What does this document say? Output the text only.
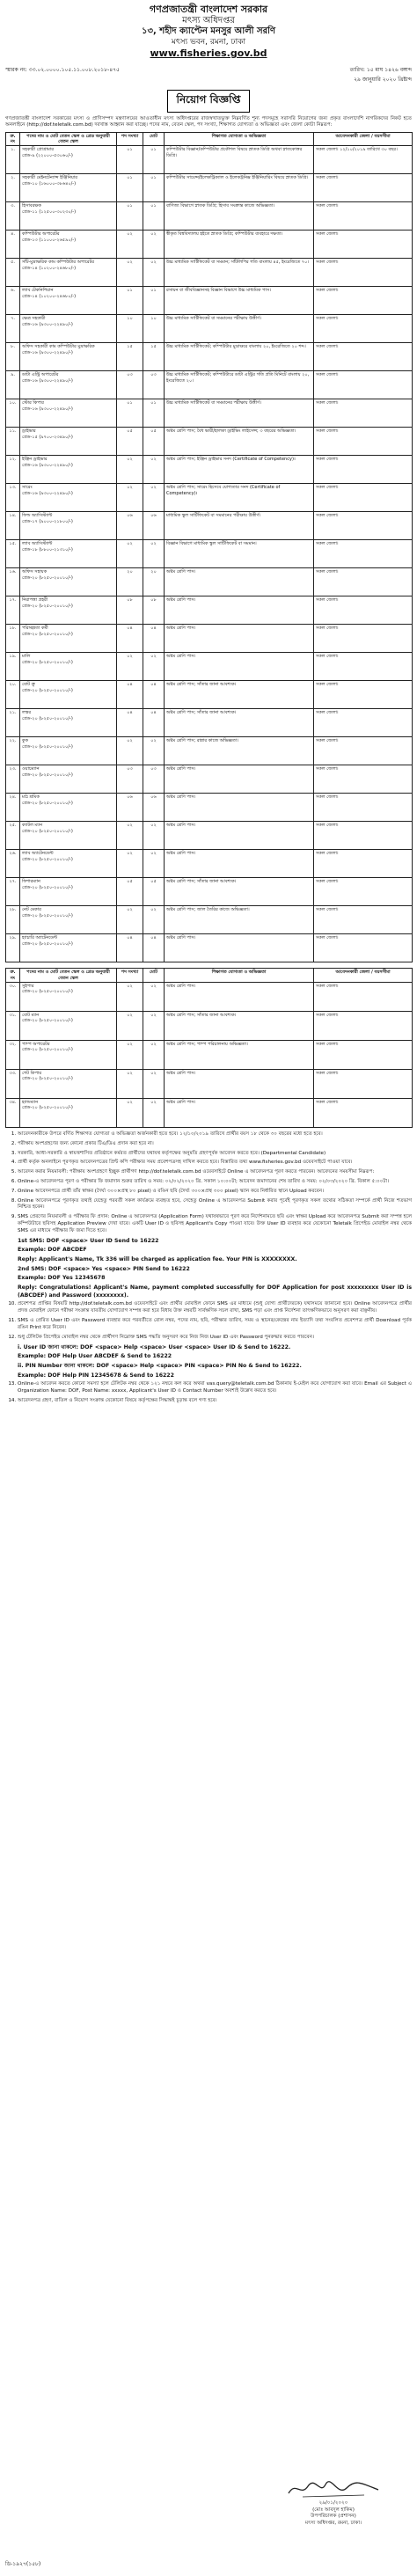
গণপ্রজাতন্ত্রী বাংলাদেশ সরকার
মৎস্য অধিদপ্তর
১৩, শহীদ ক্যাপ্টেন মনসুর আলী সরণি
মৎস্য ভবন, রমনা, ঢাকা
www.fisheries.gov.bd
স্মারক নং: ৩৩.০২.০০০০.১০৫.১১.০০৮.২০১৮-৪৭৫	তারিখ: ১৫ মাঘ ১৪২৬ বঙ্গাব্দ
২৯ জানুয়ারি ২০২০ খ্রিষ্টাব্দ
নিয়োগ বিজ্ঞপ্তি
গণপ্রজাতন্ত্রী বাংলাদেশ সরকারের মৎস্য ও প্রাণিসম্পদ মন্ত্রণালয়ের আওতাধীন মৎস্য অধিদপ্তরের রাজস্বখাতভুক্ত নিম্নবর্ণিত শূন্য পদসমূহে সরাসরি নিয়োগের জন্য প্রকৃত বাংলাদেশি নাগরিকদের নিকট হতে অনলাইনে (http://dof.teletalk.com.bd) দরখাস্ত আহ্বান করা যাচ্ছে। পদের নাম, বেতন স্কেল, পদ সংখ্যা, শিক্ষাগত যোগ্যতা ও অভিজ্ঞতা এবং জেলা কোটা নিম্নরূপ:
ক্র. নং	পদের নাম ও মোট বেতন স্কেল ও গ্রেড অনুযায়ী বেতন স্কেল	পদ সংখ্যা	মোট	শিক্ষাগত যোগ্যতা ও অভিজ্ঞতা	আবেদনকারী জেলা / বয়সসীমা
১.	সহকারী প্রোগ্রামার
গ্রেড-৯ (২২০০০-৫৩০৬০/-)	০১	০১	কম্পিউটার বিজ্ঞান/কম্পিউটার প্রকৌশল বিষয়ে স্নাতক ডিগ্রি অথবা স্নাতকোত্তর ডিগ্রি।	সকল জেলা। ১২/১০/২০১৯ তারিখে ৩০ বছর।
২.	সহকারী মেইনটেন্যান্স ইঞ্জিনিয়ার
গ্রেড-১০ (১৬০০০-৩৮৬৪০/-)	০১	০১	কম্পিউটার সায়েন্স/ইলেকট্রিক্যাল ও ইলেকট্রনিক্স ইঞ্জিনিয়ারিং বিষয়ে স্নাতক ডিগ্রি।	সকল জেলা।
৩.	হিসাবরক্ষক
গ্রেড-১১ (১২৫০০-৩০২৩০/-)	০১	০১	বাণিজ্য বিভাগে স্নাতক ডিগ্রি; হিসাব সংক্রান্ত কাজে অভিজ্ঞতা।	সকল জেলা।
৪.	কম্পিউটার অপারেটর
গ্রেড-১৩ (১১০০০-২৬৫৯০/-)	০২	০২	স্বীকৃত বিশ্ববিদ্যালয় হইতে স্নাতক ডিগ্রি; কম্পিউটার ব্যবহারে দক্ষতা।	সকল জেলা।
৫.	সাঁট-মুদ্রাক্ষরিক কাম কম্পিউটার অপারেটর
গ্রেড-১৪ (১০২০০-২৪৬৮০/-)	০২	০২	উচ্চ মাধ্যমিক সার্টিফিকেট বা সমমান; সাঁটলিপির গতি বাংলায় ৪৫, ইংরেজিতে ৭০।	সকল জেলা।
৬.	ল্যাব টেকনিশিয়ান
গ্রেড-১৪ (১০২০০-২৪৬৮০/-)	০১	০১	রসায়ন বা জীববিজ্ঞানসহ বিজ্ঞান বিভাগে উচ্চ মাধ্যমিক পাস।	সকল জেলা।
৭.	ক্ষেত্র সহকারী
গ্রেড-১৬ (৯৩০০-২২৪৯০/-)	১০	১০	উচ্চ মাধ্যমিক সার্টিফিকেট বা সমমানের পরীক্ষায় উত্তীর্ণ।	সকল জেলা।
৮.	অফিস সহকারী কাম কম্পিউটার মুদ্রাক্ষরিক
গ্রেড-১৬ (৯৩০০-২২৪৯০/-)	১৫	১৫	উচ্চ মাধ্যমিক সার্টিফিকেট; কম্পিউটার মুদ্রাক্ষরে বাংলায় ২০, ইংরেজিতে ২০ শব্দ।	সকল জেলা।
৯.	ডাটা এন্ট্রি অপারেটর
গ্রেড-১৬ (৯৩০০-২২৪৯০/-)	০৩	০৩	উচ্চ মাধ্যমিক সার্টিফিকেট; কম্পিউটারে ডাটা এন্ট্রির গতি প্রতি মিনিটে বাংলায় ২০, ইংরেজিতে ২০।	সকল জেলা।
১০.	স্টোর কিপার
গ্রেড-১৬ (৯৩০০-২২৪৯০/-)	০১	০১	উচ্চ মাধ্যমিক সার্টিফিকেট বা সমমানের পরীক্ষায় উত্তীর্ণ।	সকল জেলা।
১১.	ড্রাইভার
গ্রেড-১৫ (৯৭০০-২৩৪৯০/-)	০৫	০৫	অষ্টম শ্রেণি পাস; বৈধ ভারী/হালকা ড্রাইভিং লাইসেন্স; ৩ বছরের অভিজ্ঞতা।	সকল জেলা।
১২.	ইঞ্জিন ড্রাইভার
গ্রেড-১৬ (৯৩০০-২২৪৯০/-)	০২	০২	অষ্টম শ্রেণি পাস; ইঞ্জিন ড্রাইভার সনদ (Certificate of Competency)।	সকল জেলা।
১৩.	সারেং
গ্রেড-১৬ (৯৩০০-২২৪৯০/-)	০২	০২	অষ্টম শ্রেণি পাস; সারেং হিসেবে যোগ্যতার সনদ (Certificate of Competency)।	সকল জেলা।
১৪.	ফিল্ড অ্যাসিস্ট্যান্ট
গ্রেড-১৭ (৯০০০-২১৮০০/-)	০৬	০৬	মাধ্যমিক স্কুল সার্টিফিকেট বা সমমানের পরীক্ষায় উত্তীর্ণ।	সকল জেলা।
১৫.	ল্যাব অ্যাসিস্ট্যান্ট
গ্রেড-১৮ (৮৮০০-২১৩১০/-)	০২	০২	বিজ্ঞান বিভাগে মাধ্যমিক স্কুল সার্টিফিকেট বা সমমান।	সকল জেলা।
১৬.	অফিস সহায়ক
গ্রেড-২০ (৮২৫০-২০০১০/-)	২০	২০	অষ্টম শ্রেণি পাস।	সকল জেলা।
১৭.	নিরাপত্তা প্রহরী
গ্রেড-২০ (৮২৫০-২০০১০/-)	০৮	০৮	অষ্টম শ্রেণি পাস।	সকল জেলা।
১৮.	পরিচ্ছন্নতা কর্মী
গ্রেড-২০ (৮২৫০-২০০১০/-)	০৪	০৪	অষ্টম শ্রেণি পাস।	সকল জেলা।
১৯.	মালি
গ্রেড-২০ (৮২৫০-২০০১০/-)	০২	০২	অষ্টম শ্রেণি পাস।	সকল জেলা।
২০.	বোট ক্রু
গ্রেড-২০ (৮২৫০-২০০১০/-)	০৪	০৪	অষ্টম শ্রেণি পাস; সাঁতার জানা আবশ্যক।	সকল জেলা।
২১.	লস্কর
গ্রেড-২০ (৮২৫০-২০০১০/-)	০৪	০৪	অষ্টম শ্রেণি পাস; সাঁতার জানা আবশ্যক।	সকল জেলা।
২২.	কুক
গ্রেড-২০ (৮২৫০-২০০১০/-)	০২	০২	অষ্টম শ্রেণি পাস; রান্নার কাজে অভিজ্ঞতা।	সকল জেলা।
২৩.	ওয়াচম্যান
গ্রেড-২০ (৮২৫০-২০০১০/-)	০৩	০৩	অষ্টম শ্রেণি পাস।	সকল জেলা।
২৪.	মাঠ শ্রমিক
গ্রেড-২০ (৮২৫০-২০০১০/-)	০৬	০৬	অষ্টম শ্রেণি পাস।	সকল জেলা।
২৫.	ক্যাটল ম্যান
গ্রেড-২০ (৮২৫০-২০০১০/-)	০২	০২	অষ্টম শ্রেণি পাস।	সকল জেলা।
২৬.	ল্যাব অ্যাটেনডেন্ট
গ্রেড-২০ (৮২৫০-২০০১০/-)	০২	০২	অষ্টম শ্রেণি পাস।	সকল জেলা।
২৭.	ফিশারম্যান
গ্রেড-২০ (৮২৫০-২০০১০/-)	০৫	০৫	অষ্টম শ্রেণি পাস; সাঁতার জানা আবশ্যক।	সকল জেলা।
২৮.	নেট মেকার
গ্রেড-২০ (৮২৫০-২০০১০/-)	০২	০২	অষ্টম শ্রেণি পাস; জাল তৈরির কাজে অভিজ্ঞতা।	সকল জেলা।
২৯.	হ্যাচারি অ্যাটেনডেন্ট
গ্রেড-২০ (৮২৫০-২০০১০/-)	০৪	০৪	অষ্টম শ্রেণি পাস।	সকল জেলা।
ক্র. নং	পদের নাম ও মোট বেতন স্কেল ও গ্রেড অনুযায়ী বেতন স্কেল	পদ সংখ্যা	মোট	শিক্ষাগত যোগ্যতা ও অভিজ্ঞতা	আবেদনকারী জেলা / বয়সসীমা
৩০.	সুইপার
গ্রেড-২০ (৮২৫০-২০০১০/-)	০২	০২	অষ্টম শ্রেণি পাস।	সকল জেলা।
৩১.	বোট ম্যান
গ্রেড-২০ (৮২৫০-২০০১০/-)	০২	০২	অষ্টম শ্রেণি পাস; সাঁতার জানা আবশ্যক।	সকল জেলা।
৩২.	পাম্প অপারেটর
গ্রেড-২০ (৮২৫০-২০০১০/-)	০২	০২	অষ্টম শ্রেণি পাস; পাম্প পরিচালনায় অভিজ্ঞতা।	সকল জেলা।
৩৩.	গেট কিপার
গ্রেড-২০ (৮২৫০-২০০১০/-)	০২	০২	অষ্টম শ্রেণি পাস।	সকল জেলা।
৩৪.	হ্যান্ডম্যান
গ্রেড-২০ (৮২৫০-২০০১০/-)	০২	০২	অষ্টম শ্রেণি পাস।	সকল জেলা।
1. আবেদনকারীকে উপরে বর্ণিত শিক্ষাগত যোগ্যতা ও অভিজ্ঞতা অর্জনকারী হতে হবে। ১২/১০/২০১৯ তারিখে প্রার্থীর বয়স ১৮ থেকে ৩০ বছরের মধ্যে হতে হবে।
2. পরীক্ষায় অংশগ্রহণের জন্য কোনো প্রকার টিএ/ডিএ প্রদান করা হবে না।
3. সরকারি, আধা-সরকারি ও স্বায়ত্তশাসিত প্রতিষ্ঠানে কর্মরত প্রার্থীদের যথাযথ কর্তৃপক্ষের অনুমতি গ্রহণপূর্বক আবেদন করতে হবে। (Departmental Candidate)
4. প্রার্থী কর্তৃক অনলাইনে পূরণকৃত আবেদনপত্রের প্রিন্ট কপি পরীক্ষার সময় প্রবেশপত্রসহ দাখিল করতে হবে। বিস্তারিত তথ্য www.fisheries.gov.bd ওয়েবসাইটে পাওয়া যাবে।
5. আবেদন করার নিয়মাবলী: পরীক্ষায় অংশগ্রহণে ইচ্ছুক প্রার্থীগণ http://dof.teletalk.com.bd ওয়েবসাইটে Online এ আবেদনপত্র পূরণ করতে পারবেন। আবেদনের সময়সীমা নিম্নরূপ:
6. Online-এ আবেদনপত্র পূরণ ও পরীক্ষার ফি জমাদান শুরুর তারিখ ও সময়: ০২/০২/২০২০ খ্রি. সকাল ১০:০০টা; আবেদন জমাদানের শেষ তারিখ ও সময়: ০২/০৩/২০২০ খ্রি. বিকাল ৫:০০টা।
7. Online আবেদনপত্রে প্রার্থী তাঁর স্বাক্ষর (দৈর্ঘ্য ৩০০×প্রস্থ ৮০ pixel) ও রঙিন ছবি (দৈর্ঘ্য ৩০০×প্রস্থ ৩০০ pixel) স্ক্যান করে নির্ধারিত স্থানে Upload করবেন।
8. Online আবেদনপত্রে পূরণকৃত তথ্যই যেহেতু পরবর্তী সকল কার্যক্রমে ব্যবহৃত হবে, সেহেতু Online এ আবেদনপত্র Submit করার পূর্বেই পূরণকৃত সকল তথ্যের সঠিকতা সম্পর্কে প্রার্থী নিজে শতভাগ নিশ্চিত হবেন।
9. SMS প্রেরণের নিয়মাবলী ও পরীক্ষার ফি প্রদান: Online এ আবেদনপত্র (Application Form) যথাযথভাবে পূরণ করে নির্দেশনামতে ছবি এবং স্বাক্ষর Upload করে আবেদনপত্র Submit করা সম্পন্ন হলে কম্পিউটারে ছবিসহ Application Preview দেখা যাবে। একটি User ID ও ছবিসহ Applicant's Copy পাওয়া যাবে। উক্ত User ID ব্যবহার করে যেকোনো Teletalk প্রিপেইড মোবাইল নম্বর থেকে SMS এর মাধ্যমে পরীক্ষার ফি জমা দিতে হবে।
1st SMS: DOF <space> User ID Send to 16222
Example: DOF ABCDEF
Reply: Applicant's Name, Tk 336 will be charged as application fee. Your PIN is XXXXXXXX.
2nd SMS: DOF <space> Yes <space> PIN Send to 16222
Example: DOF Yes 12345678
Reply: Congratulations! Applicant's Name, payment completed successfully for DOF Application for post xxxxxxxxx User ID is (ABCDEF) and Password (xxxxxxxx).
10. প্রবেশপত্র প্রাপ্তির বিষয়টি http://dof.teletalk.com.bd ওয়েবসাইটে এবং প্রার্থীর মোবাইল ফোনে SMS এর মাধ্যমে (শুধু যোগ্য প্রার্থীদেরকে) যথাসময়ে জানানো হবে। Online আবেদনপত্রে প্রার্থীর প্রদত্ত মোবাইল ফোনে পরীক্ষা সংক্রান্ত যাবতীয় যোগাযোগ সম্পন্ন করা হবে বিধায় উক্ত নম্বরটি সার্বক্ষণিক সচল রাখা, SMS পড়া এবং প্রাপ্ত নির্দেশনা তাৎক্ষণিকভাবে অনুসরণ করা বাঞ্ছনীয়।
11. SMS এ প্রেরিত User ID এবং Password ব্যবহার করে পরবর্তীতে রোল নম্বর, পদের নাম, ছবি, পরীক্ষার তারিখ, সময় ও স্থানের/কেন্দ্রের নাম ইত্যাদি তথ্য সংবলিত প্রবেশপত্র প্রার্থী Download পূর্বক রঙিন Print করে নিবেন।
12. শুধু টেলিটক প্রিপেইড মোবাইল নম্বর থেকে প্রার্থীগণ নিম্নোক্ত SMS পদ্ধতি অনুসরণ করে নিজ নিজ User ID এবং Password পুনরুদ্ধার করতে পারবেন।
i. User ID জানা থাকলে: DOF <space> Help <space> User <space> User ID & Send to 16222.
Example: DOF Help User ABCDEF & Send to 16222
ii. PIN Number জানা থাকলে: DOF <space> Help <space> PIN <space> PIN No & Send to 16222.
Example: DOF Help PIN 12345678 & Send to 16222
13. Online-এ আবেদন করতে কোনো সমস্যা হলে টেলিটক নম্বর থেকে ১২১ নম্বরে কল করে অথবা vas.query@teletalk.com.bd ঠিকানায় ই-মেইল করে যোগাযোগ করা যাবে। Email এর Subject এ Organization Name: DOF, Post Name: xxxxx, Applicant's User ID ও Contact Number অবশ্যই উল্লেখ করতে হবে।
14. আবেদনপত্র গ্রহণ, বাতিল ও নিয়োগ সংক্রান্ত যেকোনো বিষয়ে কর্তৃপক্ষের সিদ্ধান্তই চূড়ান্ত বলে গণ্য হবে।
২৯/০১/২০২০
(মোঃ আবদুল হাকিম)
উপপরিচালক (প্রশাসন)
মৎস্য অধিদপ্তর, রমনা, ঢাকা।
ডি-১৯২৭(১৫৮)
